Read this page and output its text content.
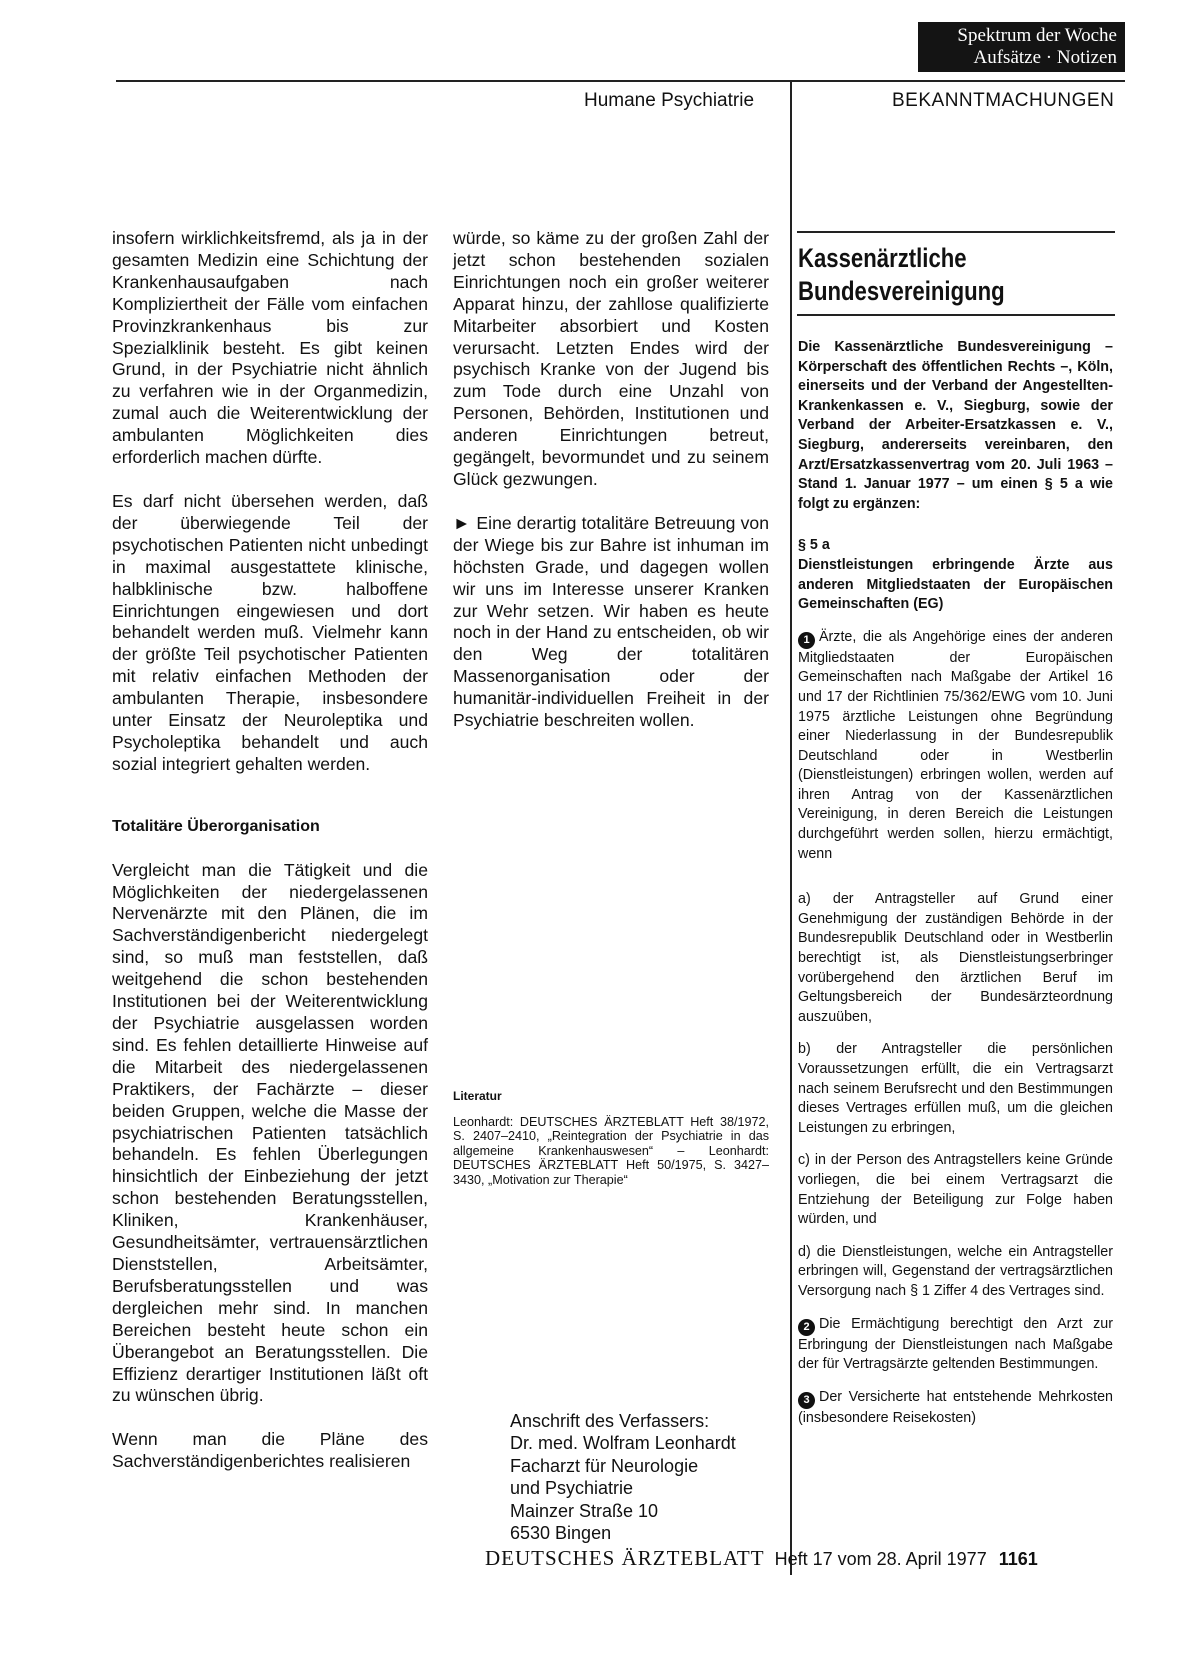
Spektrum der Woche
Aufsätze · Notizen
Humane Psychiatrie	BEKANNTMACHUNGEN

insofern wirklichkeitsfremd, als ja in der gesamten Medizin eine Schichtung der Krankenhausaufgaben nach Kompliziertheit der Fälle vom einfachen Provinzkrankenhaus bis zur Spezialklinik besteht. Es gibt keinen Grund, in der Psychiatrie nicht ähnlich zu verfahren wie in der Organmedizin, zumal auch die Weiterentwicklung der ambulanten Möglichkeiten dies erforderlich machen dürfte.

Es darf nicht übersehen werden, daß der überwiegende Teil der psychotischen Patienten nicht unbedingt in maximal ausgestattete klinische, halbklinische bzw. halboffene Einrichtungen eingewiesen und dort behandelt werden muß. Vielmehr kann der größte Teil psychotischer Patienten mit relativ einfachen Methoden der ambulanten Therapie, insbesondere unter Einsatz der Neuroleptika und Psycholeptika behandelt und auch sozial integriert gehalten werden.

Totalitäre Überorganisation

Vergleicht man die Tätigkeit und die Möglichkeiten der niedergelassenen Nervenärzte mit den Plänen, die im Sachverständigenbericht niedergelegt sind, so muß man feststellen, daß weitgehend die schon bestehenden Institutionen bei der Weiterentwicklung der Psychiatrie ausgelassen worden sind. Es fehlen detaillierte Hinweise auf die Mitarbeit des niedergelassenen Praktikers, der Fachärzte – dieser beiden Gruppen, welche die Masse der psychiatrischen Patienten tatsächlich behandeln. Es fehlen Überlegungen hinsichtlich der Einbeziehung der jetzt schon bestehenden Beratungsstellen, Kliniken, Krankenhäuser, Gesundheitsämter, vertrauensärztlichen Dienststellen, Arbeitsämter, Berufsberatungsstellen und was dergleichen mehr sind. In manchen Bereichen besteht heute schon ein Überangebot an Beratungsstellen. Die Effizienz derartiger Institutionen läßt oft zu wünschen übrig.

Wenn man die Pläne des Sachverständigenberichtes realisieren

würde, so käme zu der großen Zahl der jetzt schon bestehenden sozialen Einrichtungen noch ein großer weiterer Apparat hinzu, der zahllose qualifizierte Mitarbeiter absorbiert und Kosten verursacht. Letzten Endes wird der psychisch Kranke von der Jugend bis zum Tode durch eine Unzahl von Personen, Behörden, Institutionen und anderen Einrichtungen betreut, gegängelt, bevormundet und zu seinem Glück gezwungen.

► Eine derartig totalitäre Betreuung von der Wiege bis zur Bahre ist inhuman im höchsten Grade, und dagegen wollen wir uns im Interesse unserer Kranken zur Wehr setzen. Wir haben es heute noch in der Hand zu entscheiden, ob wir den Weg der totalitären Massenorganisation oder der humanitär-individuellen Freiheit in der Psychiatrie beschreiten wollen.

Literatur
Leonhardt: DEUTSCHES ÄRZTEBLATT Heft 38/1972, S. 2407–2410, „Reintegration der Psychiatrie in das allgemeine Krankenhauswesen“ – Leonhardt: DEUTSCHES ÄRZTEBLATT Heft 50/1975, S. 3427–3430, „Motivation zur Therapie“
Anschrift des Verfassers:
Dr. med. Wolfram Leonhardt
Facharzt für Neurologie
und Psychiatrie
Mainzer Straße 10
6530 Bingen
Kassenärztliche
Bundesvereinigung

Die Kassenärztliche Bundesvereinigung – Körperschaft des öffentlichen Rechts –, Köln, einerseits und der Verband der Angestellten-Krankenkassen e. V., Siegburg, sowie der Verband der Arbeiter-Ersatzkassen e. V., Siegburg, andererseits vereinbaren, den Arzt/Ersatzkassenvertrag vom 20. Juli 1963 – Stand 1. Januar 1977 – um einen § 5 a wie folgt zu ergänzen:

§ 5 a

Dienstleistungen erbringende Ärzte aus anderen Mitgliedstaaten der Europäischen Gemeinschaften (EG)

1 Ärzte, die als Angehörige eines der anderen Mitgliedstaaten der Europäischen Gemeinschaften nach Maßgabe der Artikel 16 und 17 der Richtlinien 75/362/EWG vom 10. Juni 1975 ärztliche Leistungen ohne Begründung einer Niederlassung in der Bundesrepublik Deutschland oder in Westberlin (Dienstleistungen) erbringen wollen, werden auf ihren Antrag von der Kassenärztlichen Vereinigung, in deren Bereich die Leistungen durchgeführt werden sollen, hierzu ermächtigt, wenn

a) der Antragsteller auf Grund einer Genehmigung der zuständigen Behörde in der Bundesrepublik Deutschland oder in Westberlin berechtigt ist, als Dienstleistungserbringer vorübergehend den ärztlichen Beruf im Geltungsbereich der Bundesärzteordnung auszuüben,

b) der Antragsteller die persönlichen Voraussetzungen erfüllt, die ein Vertragsarzt nach seinem Berufsrecht und den Bestimmungen dieses Vertrages erfüllen muß, um die gleichen Leistungen zu erbringen,

c) in der Person des Antragstellers keine Gründe vorliegen, die bei einem Vertragsarzt die Entziehung der Beteiligung zur Folge haben würden, und

d) die Dienstleistungen, welche ein Antragsteller erbringen will, Gegenstand der vertragsärztlichen Versorgung nach § 1 Ziffer 4 des Vertrages sind.

2 Die Ermächtigung berechtigt den Arzt zur Erbringung der Dienstleistungen nach Maßgabe der für Vertragsärzte geltenden Bestimmungen.

3 Der Versicherte hat entstehende Mehrkosten (insbesondere Reisekosten)

DEUTSCHES ÄRZTEBLATT Heft 17 vom 28. April 1977 1161
